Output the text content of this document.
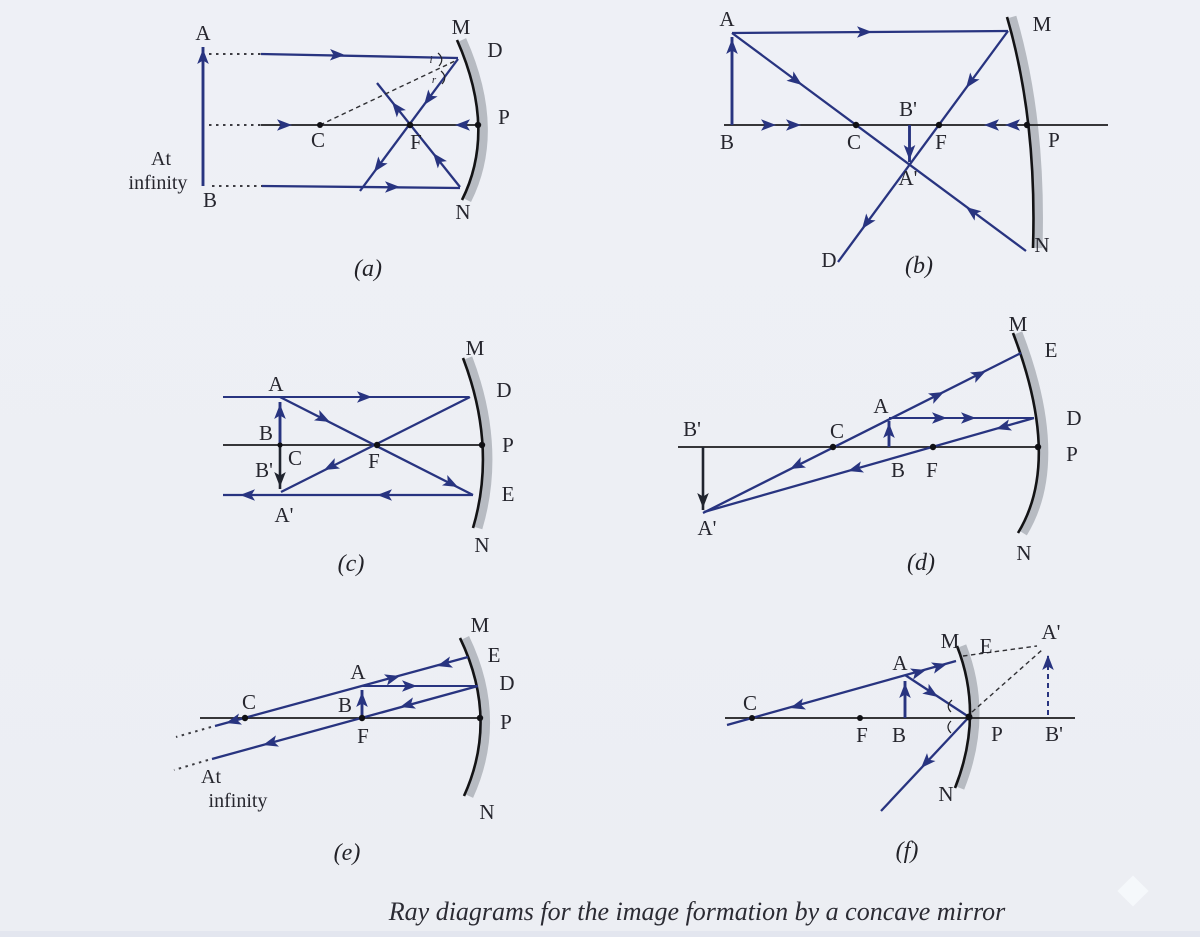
A
B
At
infinity
C	F
P
M
D
N
i
r
(a)
A
B	C
B'
F	P
A'
D
M
N
(b)
A
B
B' C	F
A'
M
D
P
E
N
(c)
B'	C
A
B F
A'
M
E
D
P
N
(d)
C
A
B
F
M
E
D
P
N
At
infinity
(e)
C
F B
A
M E
A'
P B'
N
(f)
Ray diagrams for the image formation by a concave mirror
